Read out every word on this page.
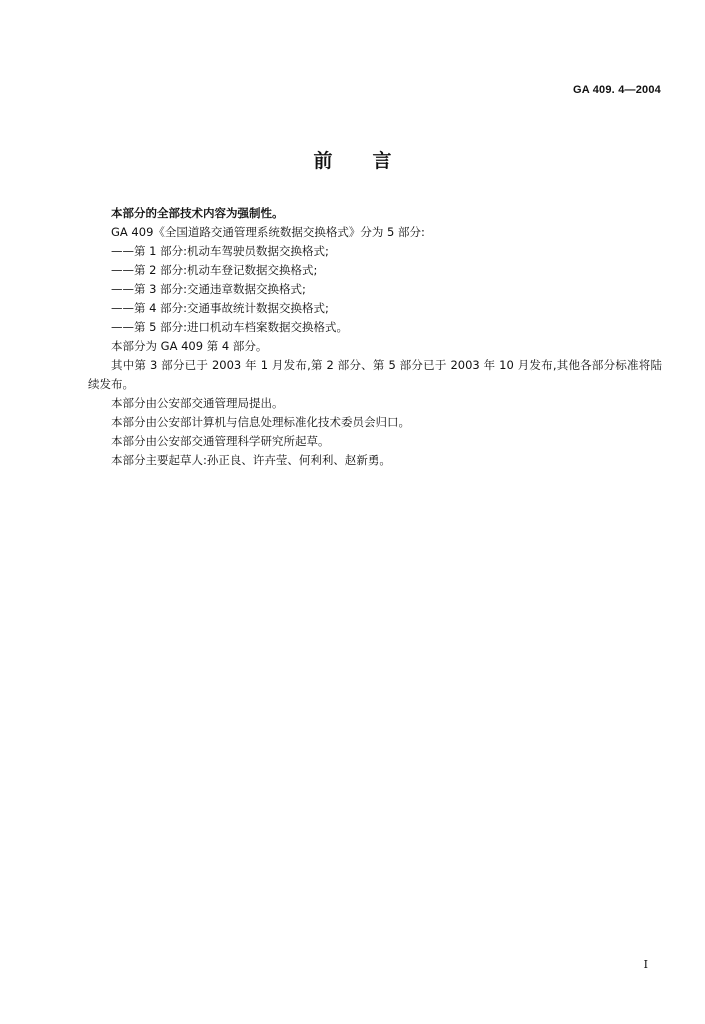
GA 409. 4—2004
前言

本部分的全部技术内容为强制性。

GA 409《全国道路交通管理系统数据交换格式》分为 5 部分:

——第 1 部分:机动车驾驶员数据交换格式;

——第 2 部分:机动车登记数据交换格式;

——第 3 部分:交通违章数据交换格式;

——第 4 部分:交通事故统计数据交换格式;

——第 5 部分:进口机动车档案数据交换格式。

本部分为 GA 409 第 4 部分。

其中第 3 部分已于 2003 年 1 月发布,第 2 部分、第 5 部分已于 2003 年 10 月发布,其他各部分标准将陆续发布。

本部分由公安部交通管理局提出。

本部分由公安部计算机与信息处理标准化技术委员会归口。

本部分由公安部交通管理科学研究所起草。

本部分主要起草人:孙正良、许卉莹、何利利、赵新勇。

I
